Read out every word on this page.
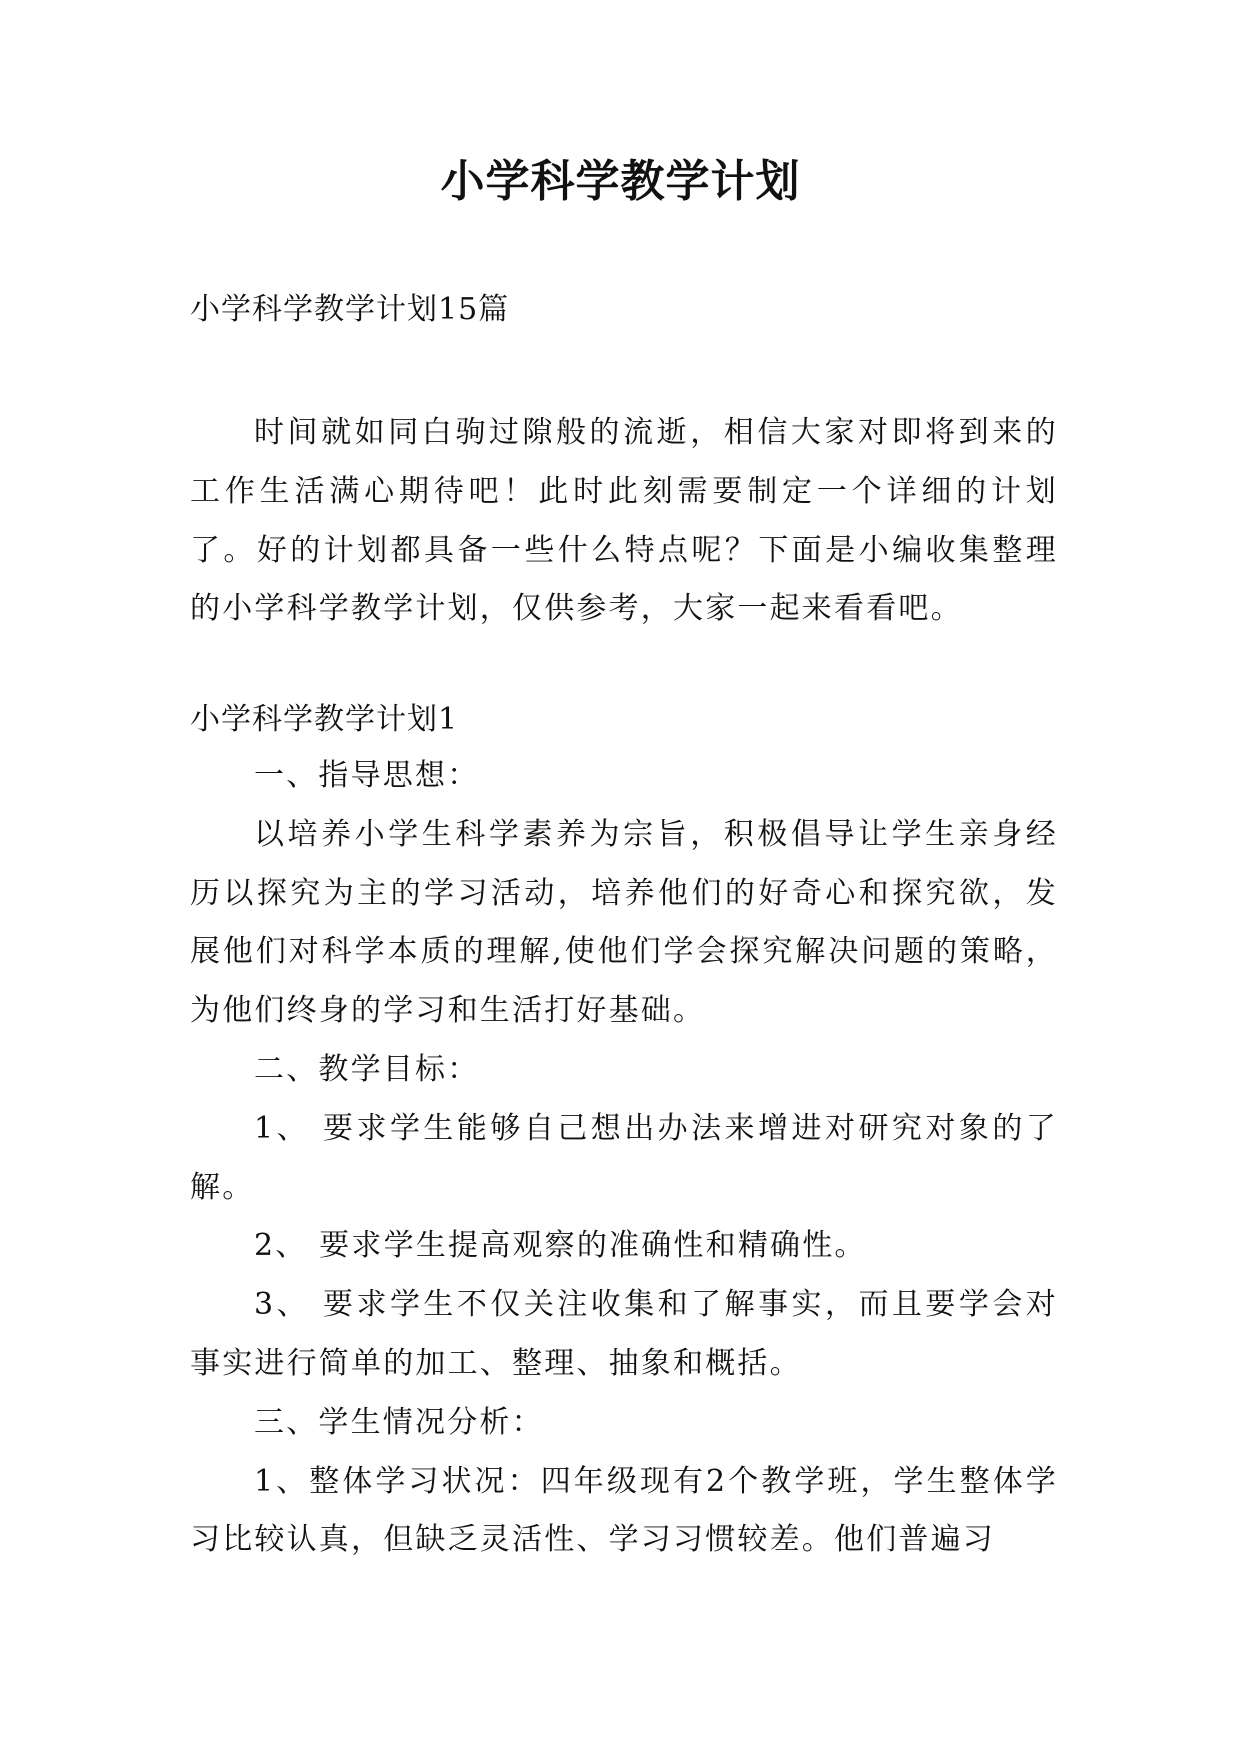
小学科学教学计划

小学科学教学计划15篇

时间就如同白驹过隙般的流逝，相信大家对即将到来的工作生活满心期待吧！此时此刻需要制定一个详细的计划了。好的计划都具备一些什么特点呢？下面是小编收集整理的小学科学教学计划，仅供参考，大家一起来看看吧。

小学科学教学计划1

一、指导思想：

以培养小学生科学素养为宗旨，积极倡导让学生亲身经历以探究为主的学习活动，培养他们的好奇心和探究欲，发展他们对科学本质的理解,使他们学会探究解决问题的策略，为他们终身的学习和生活打好基础。

二、教学目标：

1、 要求学生能够自己想出办法来增进对研究对象的了解。

2、 要求学生提高观察的准确性和精确性。

3、 要求学生不仅关注收集和了解事实，而且要学会对事实进行简单的加工、整理、抽象和概括。

三、学生情况分析：

1、整体学习状况：四年级现有2个教学班，学生整体学习比较认真，但缺乏灵活性、学习习惯较差。他们普遍习
